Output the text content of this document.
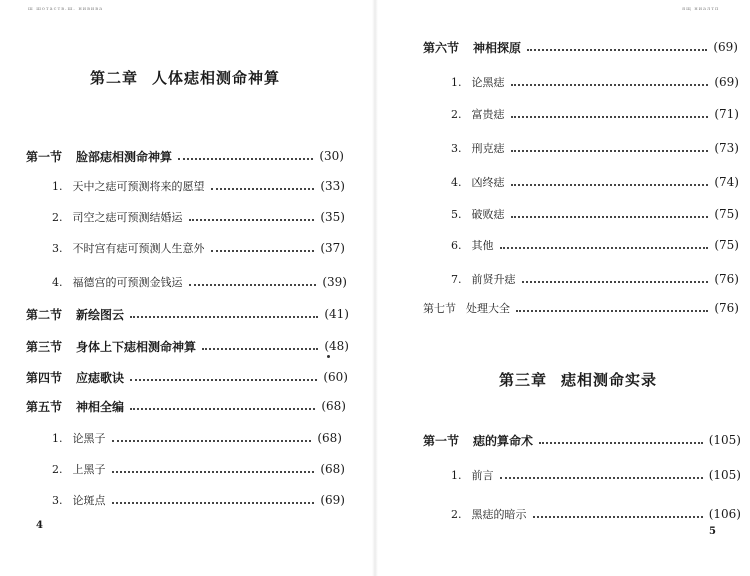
ш шотаств.ш. нивива
第二章 人体痣相测命神算
第一节 脸部痣相测命神算	(30)
1. 天中之痣可预测将来的愿望	(33)
2. 司空之痣可预测结婚运	(35)
3. 不时宫有痣可预测人生意外	(37)
4. 福德宫的可预测金钱运	(39)
第二节 新绘图云	(41)
第三节 身体上下痣相测命神算	(48)
第四节 应痣歌诀	(60)
第五节 神相全编	(68)
1. 论黑子	(68)
2. 上黑子	(68)
3. 论斑点	(69)
4
ящ ниалтп
第六节 神相探原	(69)
1. 论黑痣	(69)
2. 富贵痣	(71)
3. 刑克痣	(73)
4. 凶终痣	(74)
5. 破败痣	(75)
6. 其他	(75)
7. 前贤升痣	(76)
第七节 处理大全	(76)
第三章 痣相测命实录
第一节 痣的算命术	(105)
1. 前言	(105)
2. 黑痣的暗示	(106)
5
